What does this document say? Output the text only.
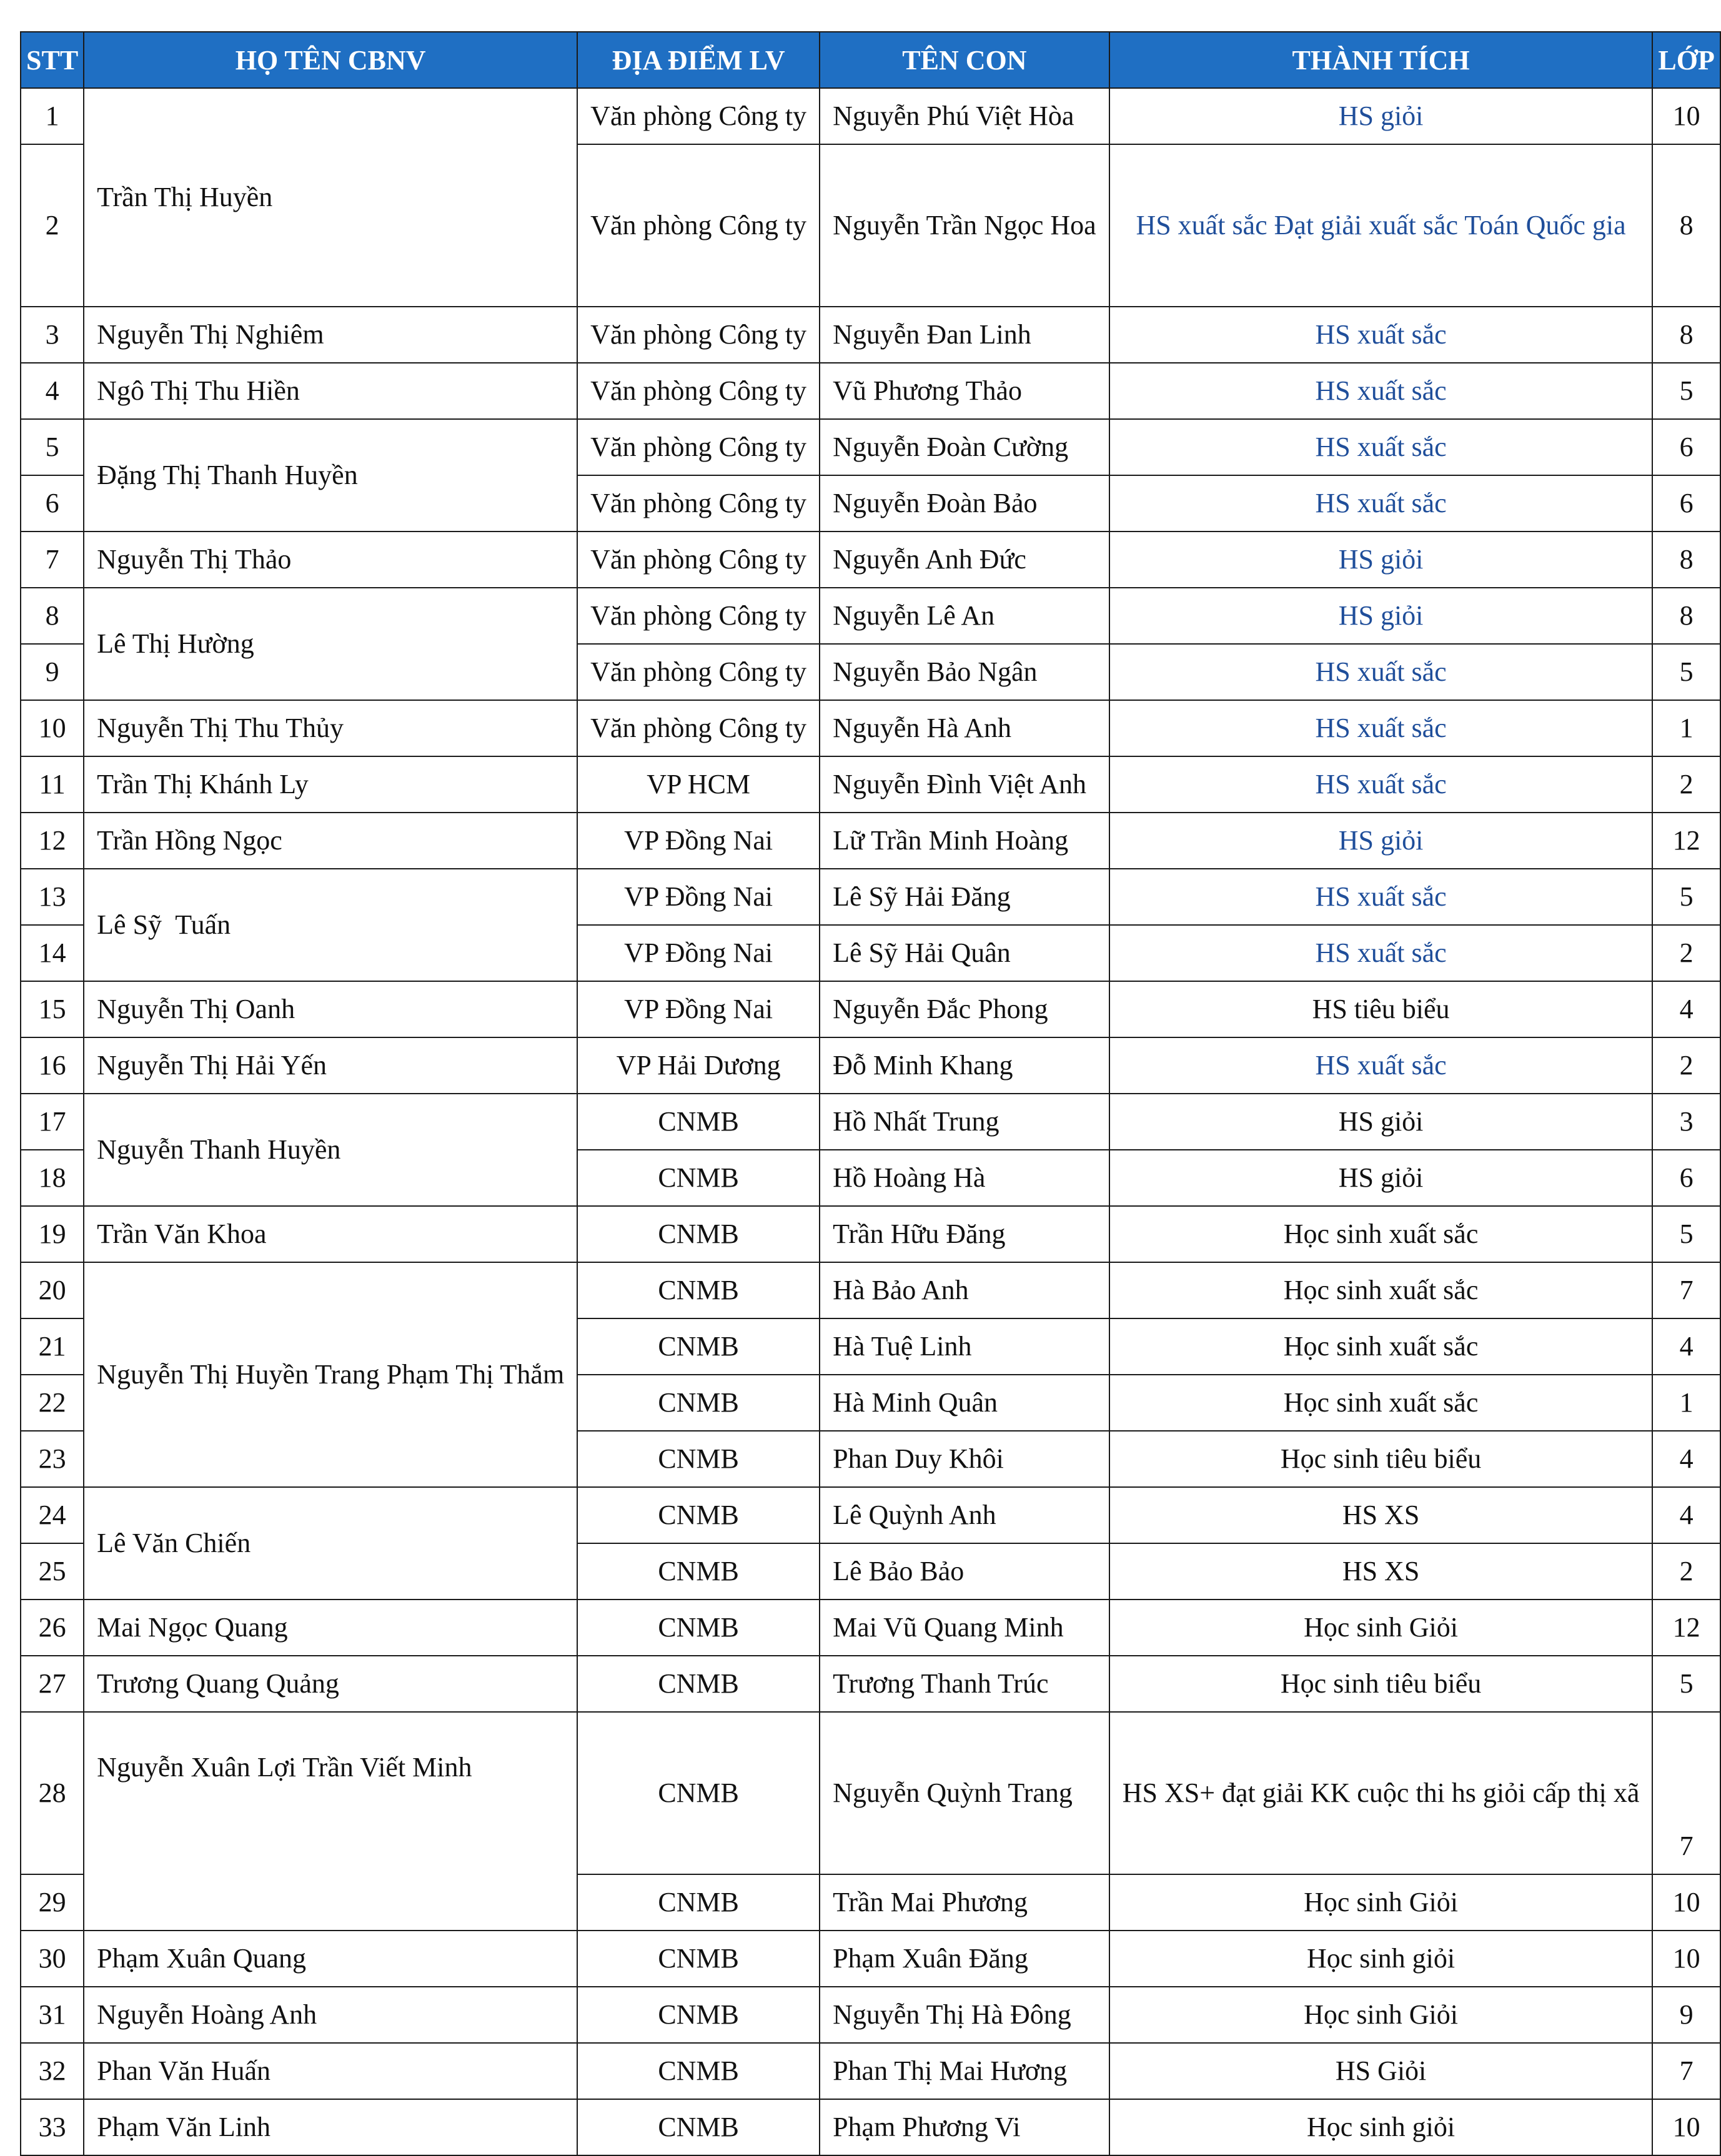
STT	HỌ TÊN CBNV	ĐỊA ĐIỂM LV	TÊN CON	THÀNH TÍCH	LỚP
1	Trần Thị Huyền	Văn phòng Công ty	Nguyễn Phú Việt Hòa	HS giỏi	10
2		Văn phòng Công ty	Nguyễn Trần Ngọc Hoa	HS xuất sắc Đạt giải xuất sắc Toán Quốc gia	8
3	Nguyễn Thị Nghiêm	Văn phòng Công ty	Nguyễn Đan Linh	HS xuất sắc	8
4	Ngô Thị Thu Hiền	Văn phòng Công ty	Vũ Phương Thảo	HS xuất sắc	5
5	Đặng Thị Thanh Huyền	Văn phòng Công ty	Nguyễn Đoàn Cường	HS xuất sắc	6
6		Văn phòng Công ty	Nguyễn Đoàn Bảo	HS xuất sắc	6
7	Nguyễn Thị Thảo	Văn phòng Công ty	Nguyễn Anh Đức	HS giỏi	8
8	Lê Thị Hường	Văn phòng Công ty	Nguyễn Lê An	HS giỏi	8
9		Văn phòng Công ty	Nguyễn Bảo Ngân	HS xuất sắc	5
10	Nguyễn Thị Thu Thủy	Văn phòng Công ty	Nguyễn Hà Anh	HS xuất sắc	1
11	Trần Thị Khánh Ly	VP HCM	Nguyễn Đình Việt Anh	HS xuất sắc	2
12	Trần Hồng Ngọc	VP Đồng Nai	Lữ Trần Minh Hoàng	HS giỏi	12
13	Lê Sỹ  Tuấn	VP Đồng Nai	Lê Sỹ Hải Đăng	HS xuất sắc	5
14		VP Đồng Nai	Lê Sỹ Hải Quân	HS xuất sắc	2
15	Nguyễn Thị Oanh	VP Đồng Nai	Nguyễn Đắc Phong	HS tiêu biểu	4
16	Nguyễn Thị Hải Yến	VP Hải Dương	Đỗ Minh Khang	HS xuất sắc	2
17	Nguyễn Thanh Huyền	CNMB	Hồ Nhất Trung	HS giỏi	3
18		CNMB	Hồ Hoàng Hà	HS giỏi	6
19	Trần Văn Khoa	CNMB	Trần Hữu Đăng	Học sinh xuất sắc	5
20	Nguyễn Thị Huyền Trang Phạm Thị Thắm	CNMB	Hà Bảo Anh	Học sinh xuất sắc	7
21		CNMB	Hà Tuệ Linh	Học sinh xuất sắc	4
22		CNMB	Hà Minh Quân	Học sinh xuất sắc	1
23		CNMB	Phan Duy Khôi	Học sinh tiêu biểu	4
24	Lê Văn Chiến	CNMB	Lê Quỳnh Anh	HS XS	4
25		CNMB	Lê Bảo Bảo	HS XS	2
26	Mai Ngọc Quang	CNMB	Mai Vũ Quang Minh	Học sinh Giỏi	12
27	Trương Quang Quảng	CNMB	Trương Thanh Trúc	Học sinh tiêu biểu	5
28	Nguyễn Xuân Lợi Trần Viết Minh	CNMB	Nguyễn Quỳnh Trang	HS XS+ đạt giải KK cuộc thi hs giỏi cấp thị xã	7
29		CNMB	Trần Mai Phương	Học sinh Giỏi	10
30	Phạm Xuân Quang	CNMB	Phạm Xuân Đăng	Học sinh giỏi	10
31	Nguyễn Hoàng Anh	CNMB	Nguyễn Thị Hà Đông	Học sinh Giỏi	9
32	Phan Văn Huấn	CNMB	Phan Thị Mai Hương	HS Giỏi	7
33	Phạm Văn Linh	CNMB	Phạm Phương Vi	Học sinh giỏi	10
